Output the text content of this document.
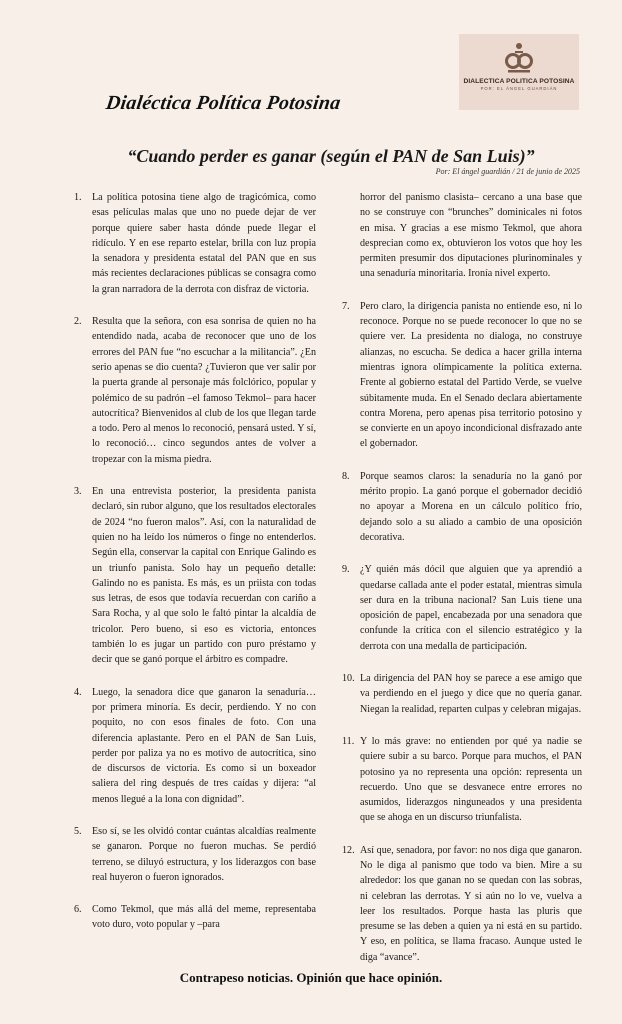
Dialéctica Política Potosina
DIALECTICA POLITICA POTOSINA
POR: EL ÁNGEL GUARDIÁN
“Cuando perder es ganar (según el PAN de San Luis)”
Por: El ángel guardián / 21 de junio de 2025
1.	La política potosina tiene algo de tragicómica, como esas películas malas que uno no puede dejar de ver porque quiere saber hasta dónde puede llegar el ridículo. Y en ese reparto estelar, brilla con luz propia la senadora y presidenta estatal del PAN que en sus más recientes declaraciones públicas se consagra como la gran narradora de la derrota con disfraz de victoria.
2.	Resulta que la señora, con esa sonrisa de quien no ha entendido nada, acaba de reconocer que uno de los errores del PAN fue “no escuchar a la militancia”. ¿En serio apenas se dio cuenta? ¿Tuvieron que ver salir por la puerta grande al personaje más folclórico, popular y polémico de su padrón –el famoso Tekmol– para hacer autocrítica? Bienvenidos al club de los que llegan tarde a todo. Pero al menos lo reconoció, pensará usted. Y sí, lo reconoció… cinco segundos antes de volver a tropezar con la misma piedra.
3.	En una entrevista posterior, la presidenta panista declaró, sin rubor alguno, que los resultados electorales de 2024 “no fueron malos”. Así, con la naturalidad de quien no ha leído los números o finge no entenderlos. Según ella, conservar la capital con Enrique Galindo es un triunfo panista. Solo hay un pequeño detalle: Galindo no es panista. Es más, es un priista con todas sus letras, de esos que todavía recuerdan con cariño a Sara Rocha, y al que solo le faltó pintar la alcaldía de tricolor. Pero bueno, si eso es victoria, entonces también lo es jugar un partido con puro préstamo y decir que se ganó porque el árbitro es compadre.
4.	Luego, la senadora dice que ganaron la senaduría… por primera minoría. Es decir, perdiendo. Y no con poquito, no con esos finales de foto. Con una diferencia aplastante. Pero en el PAN de San Luis, perder por paliza ya no es motivo de autocrítica, sino de discursos de victoria. Es como si un boxeador saliera del ring después de tres caídas y dijera: “al menos llegué a la lona con dignidad”.
5.	Eso sí, se les olvidó contar cuántas alcaldías realmente se ganaron. Porque no fueron muchas. Se perdió terreno, se diluyó estructura, y los liderazgos con base real huyeron o fueron ignorados.
6.	Como Tekmol, que más allá del meme, representaba voto duro, voto popular y –para
horror del panismo clasista– cercano a una base que no se construye con “brunches” dominicales ni fotos en misa. Y gracias a ese mismo Tekmol, que ahora desprecian como ex, obtuvieron los votos que hoy les permiten presumir dos diputaciones plurinominales y una senaduría minoritaria. Ironía nivel experto.
7.	Pero claro, la dirigencia panista no entiende eso, ni lo reconoce. Porque no se puede reconocer lo que no se quiere ver. La presidenta no dialoga, no construye alianzas, no escucha. Se dedica a hacer grilla interna mientras ignora olímpicamente la política externa. Frente al gobierno estatal del Partido Verde, se vuelve súbitamente muda. En el Senado declara abiertamente contra Morena, pero apenas pisa territorio potosino y se convierte en un apoyo incondicional disfrazado ante el gobernador.
8.	Porque seamos claros: la senaduría no la ganó por mérito propio. La ganó porque el gobernador decidió no apoyar a Morena en un cálculo político frío, dejando solo a su aliado a cambio de una oposición decorativa.
9.	¿Y quién más dócil que alguien que ya aprendió a quedarse callada ante el poder estatal, mientras simula ser dura en la tribuna nacional? San Luis tiene una oposición de papel, encabezada por una senadora que confunde la crítica con el silencio estratégico y la derrota con una medalla de participación.
10. La dirigencia del PAN hoy se parece a ese amigo que va perdiendo en el juego y dice que no quería ganar. Niegan la realidad, reparten culpas y celebran migajas.
11. Y lo más grave: no entienden por qué ya nadie se quiere subir a su barco. Porque para muchos, el PAN potosino ya no representa una opción: representa un recuerdo. Uno que se desvanece entre errores no asumidos, liderazgos ninguneados y una presidenta que se ahoga en un discurso triunfalista.
12. Así que, senadora, por favor: no nos diga que ganaron. No le diga al panismo que todo va bien. Mire a su alrededor: los que ganan no se quedan con las sobras, ni celebran las derrotas. Y si aún no lo ve, vuelva a leer los resultados. Porque hasta las pluris que presume se las deben a quien ya ni está en su partido. Y eso, en política, se llama fracaso. Aunque usted le diga “avance”.
Contrapeso noticias. Opinión que hace opinión.
